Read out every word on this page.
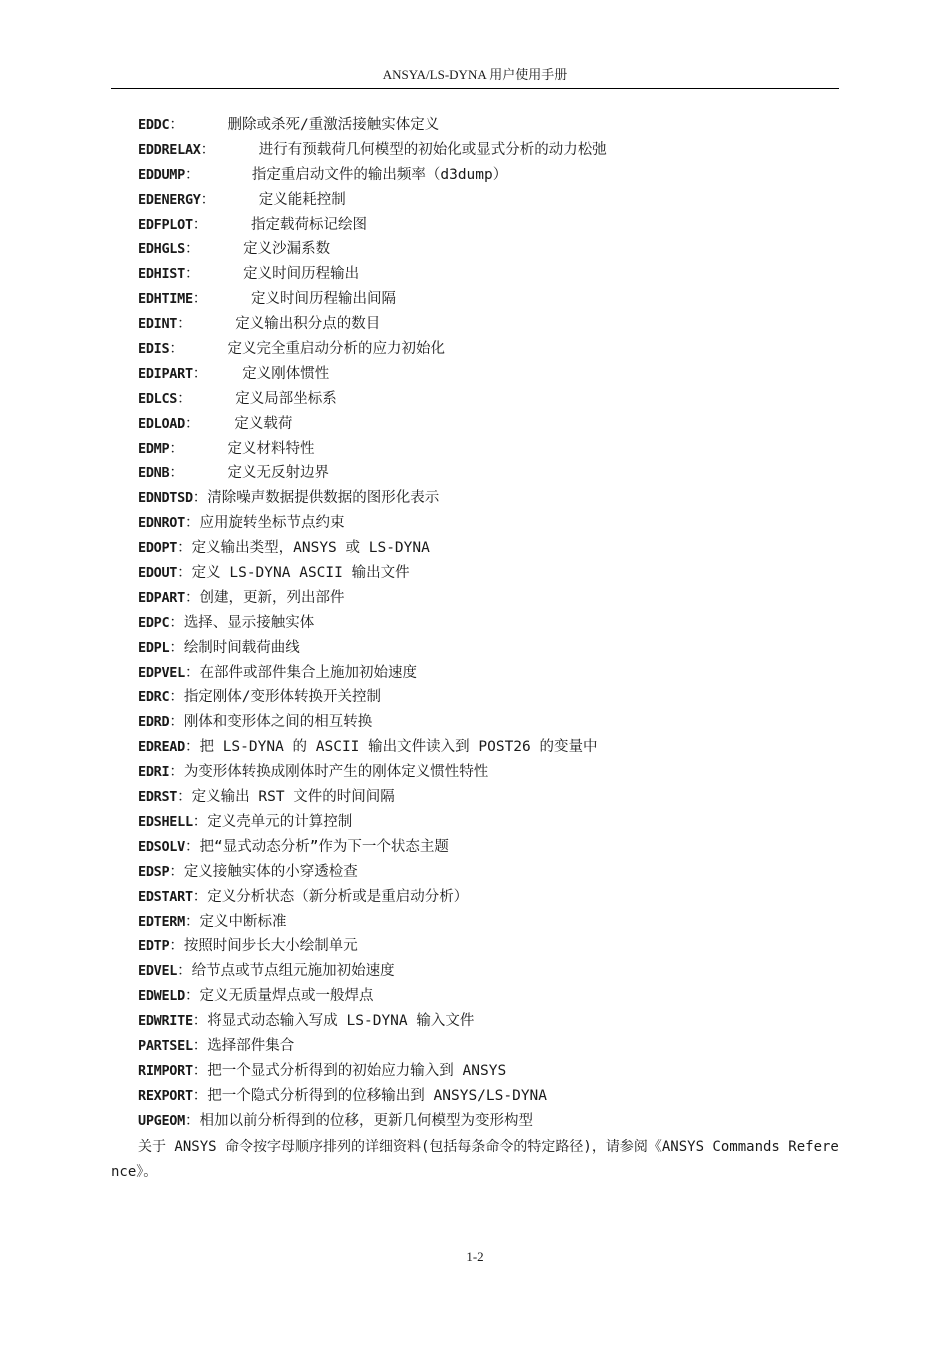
ANSYA/LS-DYNA 用户使用手册
EDDC：	删除或杀死/重激活接触实体定义
EDDRELAX：	进行有预载荷几何模型的初始化或显式分析的动力松弛
EDDUMP：	指定重启动文件的输出频率（d3dump）
EDENERGY：	定义能耗控制
EDFPLOT：	指定载荷标记绘图
EDHGLS：	定义沙漏系数
EDHIST：	定义时间历程输出
EDHTIME：	定义时间历程输出间隔
EDINT：	定义输出积分点的数目
EDIS：	定义完全重启动分析的应力初始化
EDIPART： 定义刚体惯性
EDLCS：	定义局部坐标系
EDLOAD： 定义载荷
EDMP：	定义材料特性
EDNB：	定义无反射边界
EDNDTSD：清除噪声数据提供数据的图形化表示
EDNROT：应用旋转坐标节点约束
EDOPT：定义输出类型，ANSYS 或 LS-DYNA
EDOUT：定义 LS-DYNA ASCII 输出文件
EDPART：创建，更新，列出部件
EDPC：选择、显示接触实体
EDPL：绘制时间载荷曲线
EDPVEL：在部件或部件集合上施加初始速度
EDRC：指定刚体/变形体转换开关控制
EDRD：刚体和变形体之间的相互转换
EDREAD：把 LS-DYNA 的 ASCII 输出文件读入到 POST26 的变量中
EDRI：为变形体转换成刚体时产生的刚体定义惯性特性
EDRST：定义输出 RST 文件的时间间隔
EDSHELL：定义壳单元的计算控制
EDSOLV：把“显式动态分析”作为下一个状态主题
EDSP：定义接触实体的小穿透检查
EDSTART：定义分析状态（新分析或是重启动分析）
EDTERM：定义中断标准
EDTP：按照时间步长大小绘制单元
EDVEL：给节点或节点组元施加初始速度
EDWELD：定义无质量焊点或一般焊点
EDWRITE：将显式动态输入写成 LS-DYNA 输入文件
PARTSEL：选择部件集合
RIMPORT：把一个显式分析得到的初始应力输入到 ANSYS
REXPORT：把一个隐式分析得到的位移输出到 ANSYS/LS-DYNA
UPGEOM：相加以前分析得到的位移，更新几何模型为变形构型

关于 ANSYS 命令按字母顺序排列的详细资料(包括每条命令的特定路径)，请参阅《ANSYS Commands Reference》。

1-2
